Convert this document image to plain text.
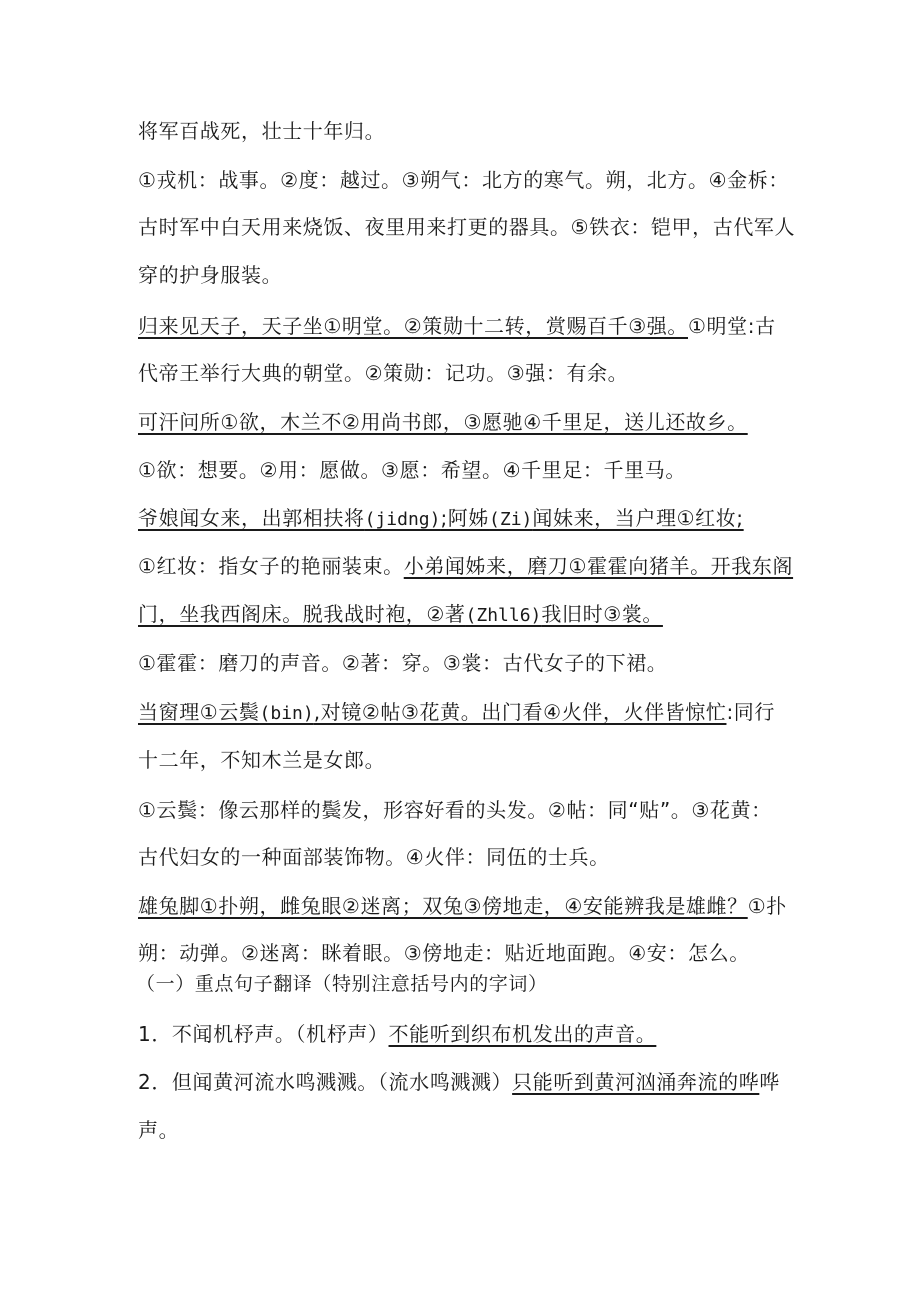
将军百战死，壮士十年归。
①戎机：战事。②度：越过。③朔气：北方的寒气。朔，北方。④金柝：
古时军中白天用来烧饭、夜里用来打更的器具。⑤铁衣：铠甲，古代军人
穿的护身服装。
归来见天子，天子坐①明堂。②策勋十二转，赏赐百千③强。①明堂:古
代帝王举行大典的朝堂。②策勋：记功。③强：有余。
可汗问所①欲，木兰不②用尚书郎，③愿驰④千里足，送儿还故乡。
①欲：想要。②用：愿做。③愿：希望。④千里足：千里马。
爷娘闻女来，出郭相扶将(jidng);阿姊(Zi)闻妹来，当户理①红妆;
①红妆：指女子的艳丽装束。小弟闻姊来，磨刀①霍霍向猪羊。开我东阁
门，坐我西阁床。脱我战时袍，②著(Zhll6)我旧时③裳。
①霍霍：磨刀的声音。②著：穿。③裳：古代女子的下裙。
当窗理①云鬓(bin),对镜②帖③花黄。出门看④火伴，火伴皆惊忙:同行
十二年，不知木兰是女郎。
①云鬓：像云那样的鬓发，形容好看的头发。②帖：同“贴”。③花黄：
古代妇女的一种面部装饰物。④火伴：同伍的士兵。
雄兔脚①扑朔，雌兔眼②迷离；双兔③傍地走，④安能辨我是雄雌？①扑
朔：动弹。②迷离：眯着眼。③傍地走：贴近地面跑。④安：怎么。
（一）重点句子翻译（特别注意括号内的字词）
1．不闻机杼声。（机杼声）不能听到织布机发出的声音。
2．但闻黄河流水鸣溅溅。（流水鸣溅溅）只能听到黄河汹涌奔流的哗哗
声。
